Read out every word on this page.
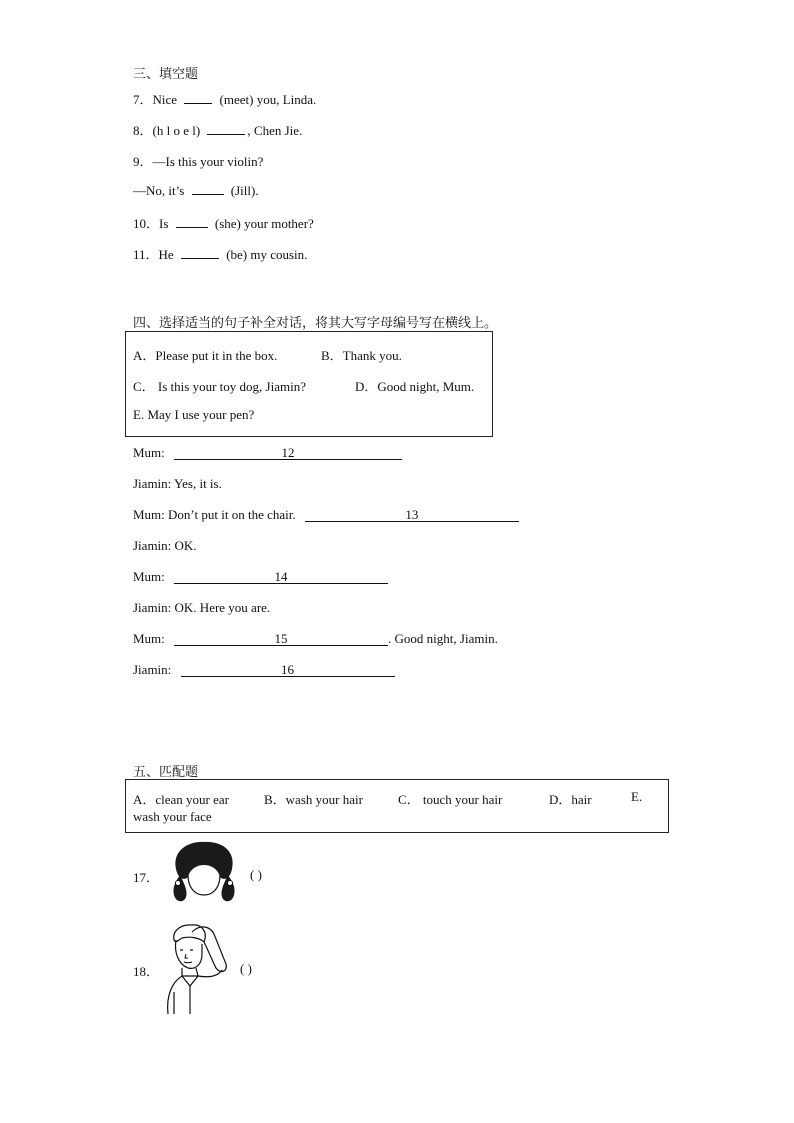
三、填空题
7．Nice	(meet) you, Linda.
8．(h l o e l)	, Chen Jie.
9．—Is this your violin?
—No, it’s	(Jill).
10．Is	(she) your mother?
11．He	(be) my cousin.
四、选择适当的句子补全对话，将其大写字母编号写在横线上。
A．Please put it in the box.	B．Thank you.
C． Is this your toy dog, Jiamin?	D．Good night, Mum.
E. May I use your pen?
Mum:	12
Jiamin: Yes, it is.
Mum: Don’t put it on the chair.	13
Jiamin: OK.
Mum:	14
Jiamin: OK. Here you are.
Mum:	15	. Good night, Jiamin.
Jiamin:	16
五、匹配题
A．clean your ear	B．wash your hair	C． touch your hair	D．hair	E.
wash your face
17．	( )
18．	( )
